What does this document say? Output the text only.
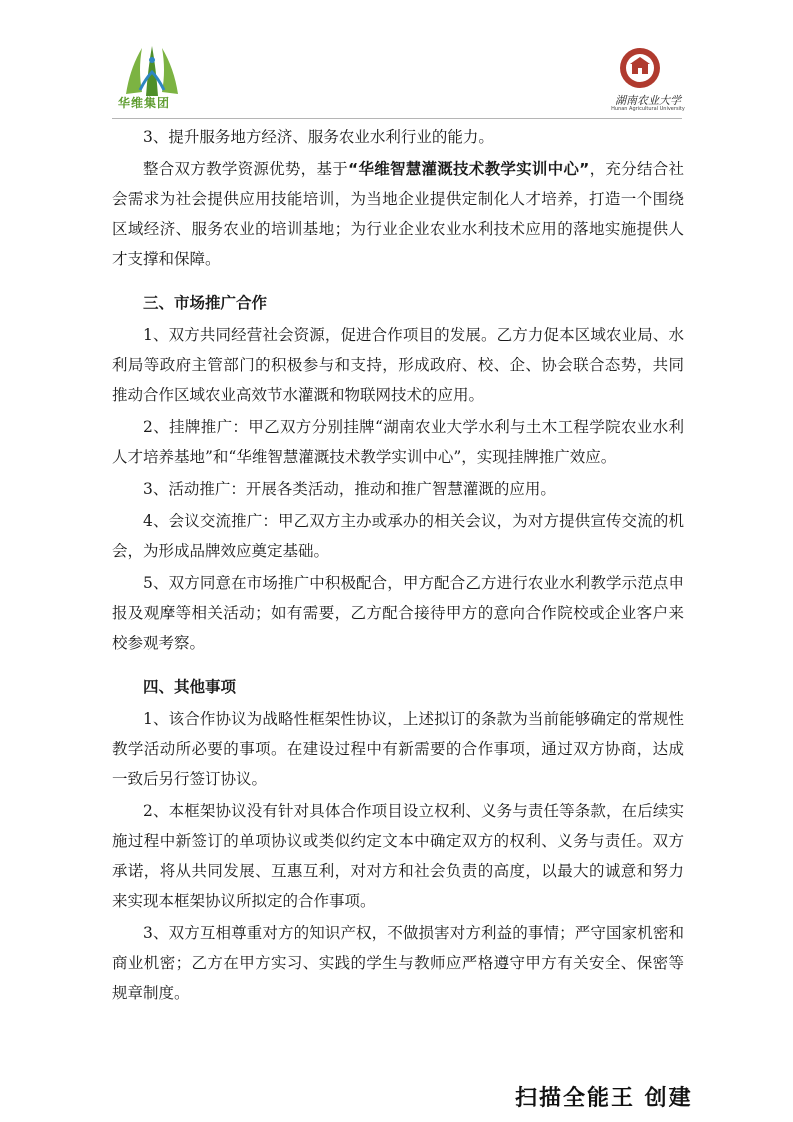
华维集团	湖南农业大学
Hunan Agricultural University

3、提升服务地方经济、服务农业水利行业的能力。

整合双方教学资源优势，基于“华维智慧灌溉技术教学实训中心”，充分结合社会需求为社会提供应用技能培训，为当地企业提供定制化人才培养，打造一个围绕区域经济、服务农业的培训基地；为行业企业农业水利技术应用的落地实施提供人才支撑和保障。

三、市场推广合作

1、双方共同经营社会资源，促进合作项目的发展。乙方力促本区域农业局、水利局等政府主管部门的积极参与和支持，形成政府、校、企、协会联合态势，共同推动合作区域农业高效节水灌溉和物联网技术的应用。

2、挂牌推广：甲乙双方分别挂牌“湖南农业大学水利与土木工程学院农业水利人才培养基地”和“华维智慧灌溉技术教学实训中心”，实现挂牌推广效应。

3、活动推广：开展各类活动，推动和推广智慧灌溉的应用。

4、会议交流推广：甲乙双方主办或承办的相关会议，为对方提供宣传交流的机会，为形成品牌效应奠定基础。

5、双方同意在市场推广中积极配合，甲方配合乙方进行农业水利教学示范点申报及观摩等相关活动；如有需要，乙方配合接待甲方的意向合作院校或企业客户来校参观考察。

四、其他事项

1、该合作协议为战略性框架性协议，上述拟订的条款为当前能够确定的常规性教学活动所必要的事项。在建设过程中有新需要的合作事项，通过双方协商，达成一致后另行签订协议。

2、本框架协议没有针对具体合作项目设立权利、义务与责任等条款，在后续实施过程中新签订的单项协议或类似约定文本中确定双方的权利、义务与责任。双方承诺，将从共同发展、互惠互利，对对方和社会负责的高度，以最大的诚意和努力来实现本框架协议所拟定的合作事项。

3、双方互相尊重对方的知识产权，不做损害对方利益的事情；严守国家机密和商业机密；乙方在甲方实习、实践的学生与教师应严格遵守甲方有关安全、保密等规章制度。

扫描全能王 创建
